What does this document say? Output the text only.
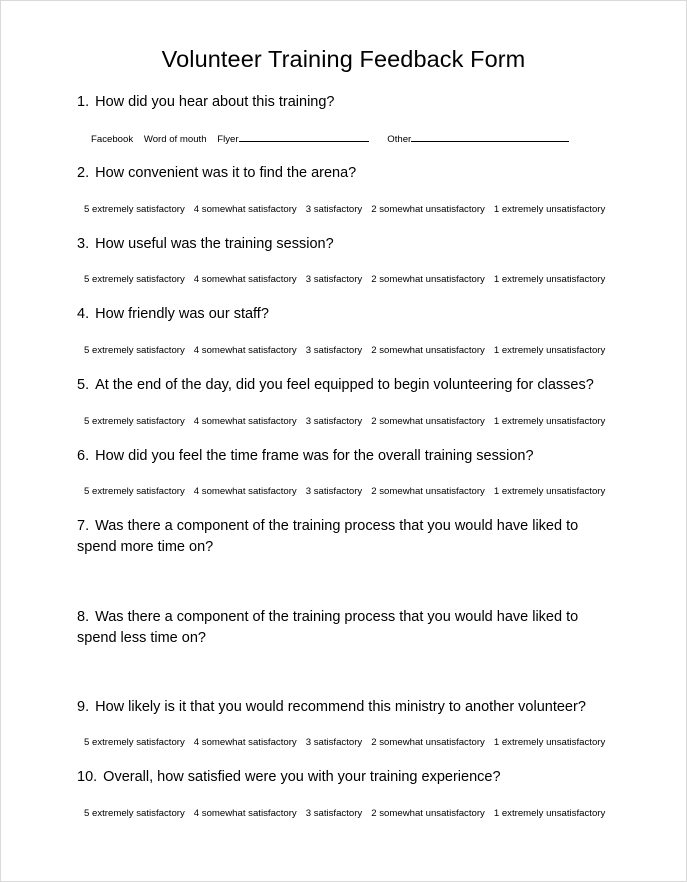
Volunteer Training Feedback Form
1. How did you hear about this training?
Facebook Word of mouth Flyer	Other
2. How convenient was it to find the arena?
5 extremely satisfactory 4 somewhat satisfactory 3 satisfactory 2 somewhat unsatisfactory 1 extremely unsatisfactory
3. How useful was the training session?
5 extremely satisfactory 4 somewhat satisfactory 3 satisfactory 2 somewhat unsatisfactory 1 extremely unsatisfactory
4. How friendly was our staff?
5 extremely satisfactory 4 somewhat satisfactory 3 satisfactory 2 somewhat unsatisfactory 1 extremely unsatisfactory
5. At the end of the day, did you feel equipped to begin volunteering for classes?
5 extremely satisfactory 4 somewhat satisfactory 3 satisfactory 2 somewhat unsatisfactory 1 extremely unsatisfactory
6. How did you feel the time frame was for the overall training session?
5 extremely satisfactory 4 somewhat satisfactory 3 satisfactory 2 somewhat unsatisfactory 1 extremely unsatisfactory
7. Was there a component of the training process that you would have liked to spend more time on?
8. Was there a component of the training process that you would have liked to spend less time on?
9. How likely is it that you would recommend this ministry to another volunteer?
5 extremely satisfactory 4 somewhat satisfactory 3 satisfactory 2 somewhat unsatisfactory 1 extremely unsatisfactory
10. Overall, how satisfied were you with your training experience?
5 extremely satisfactory 4 somewhat satisfactory 3 satisfactory 2 somewhat unsatisfactory 1 extremely unsatisfactory
